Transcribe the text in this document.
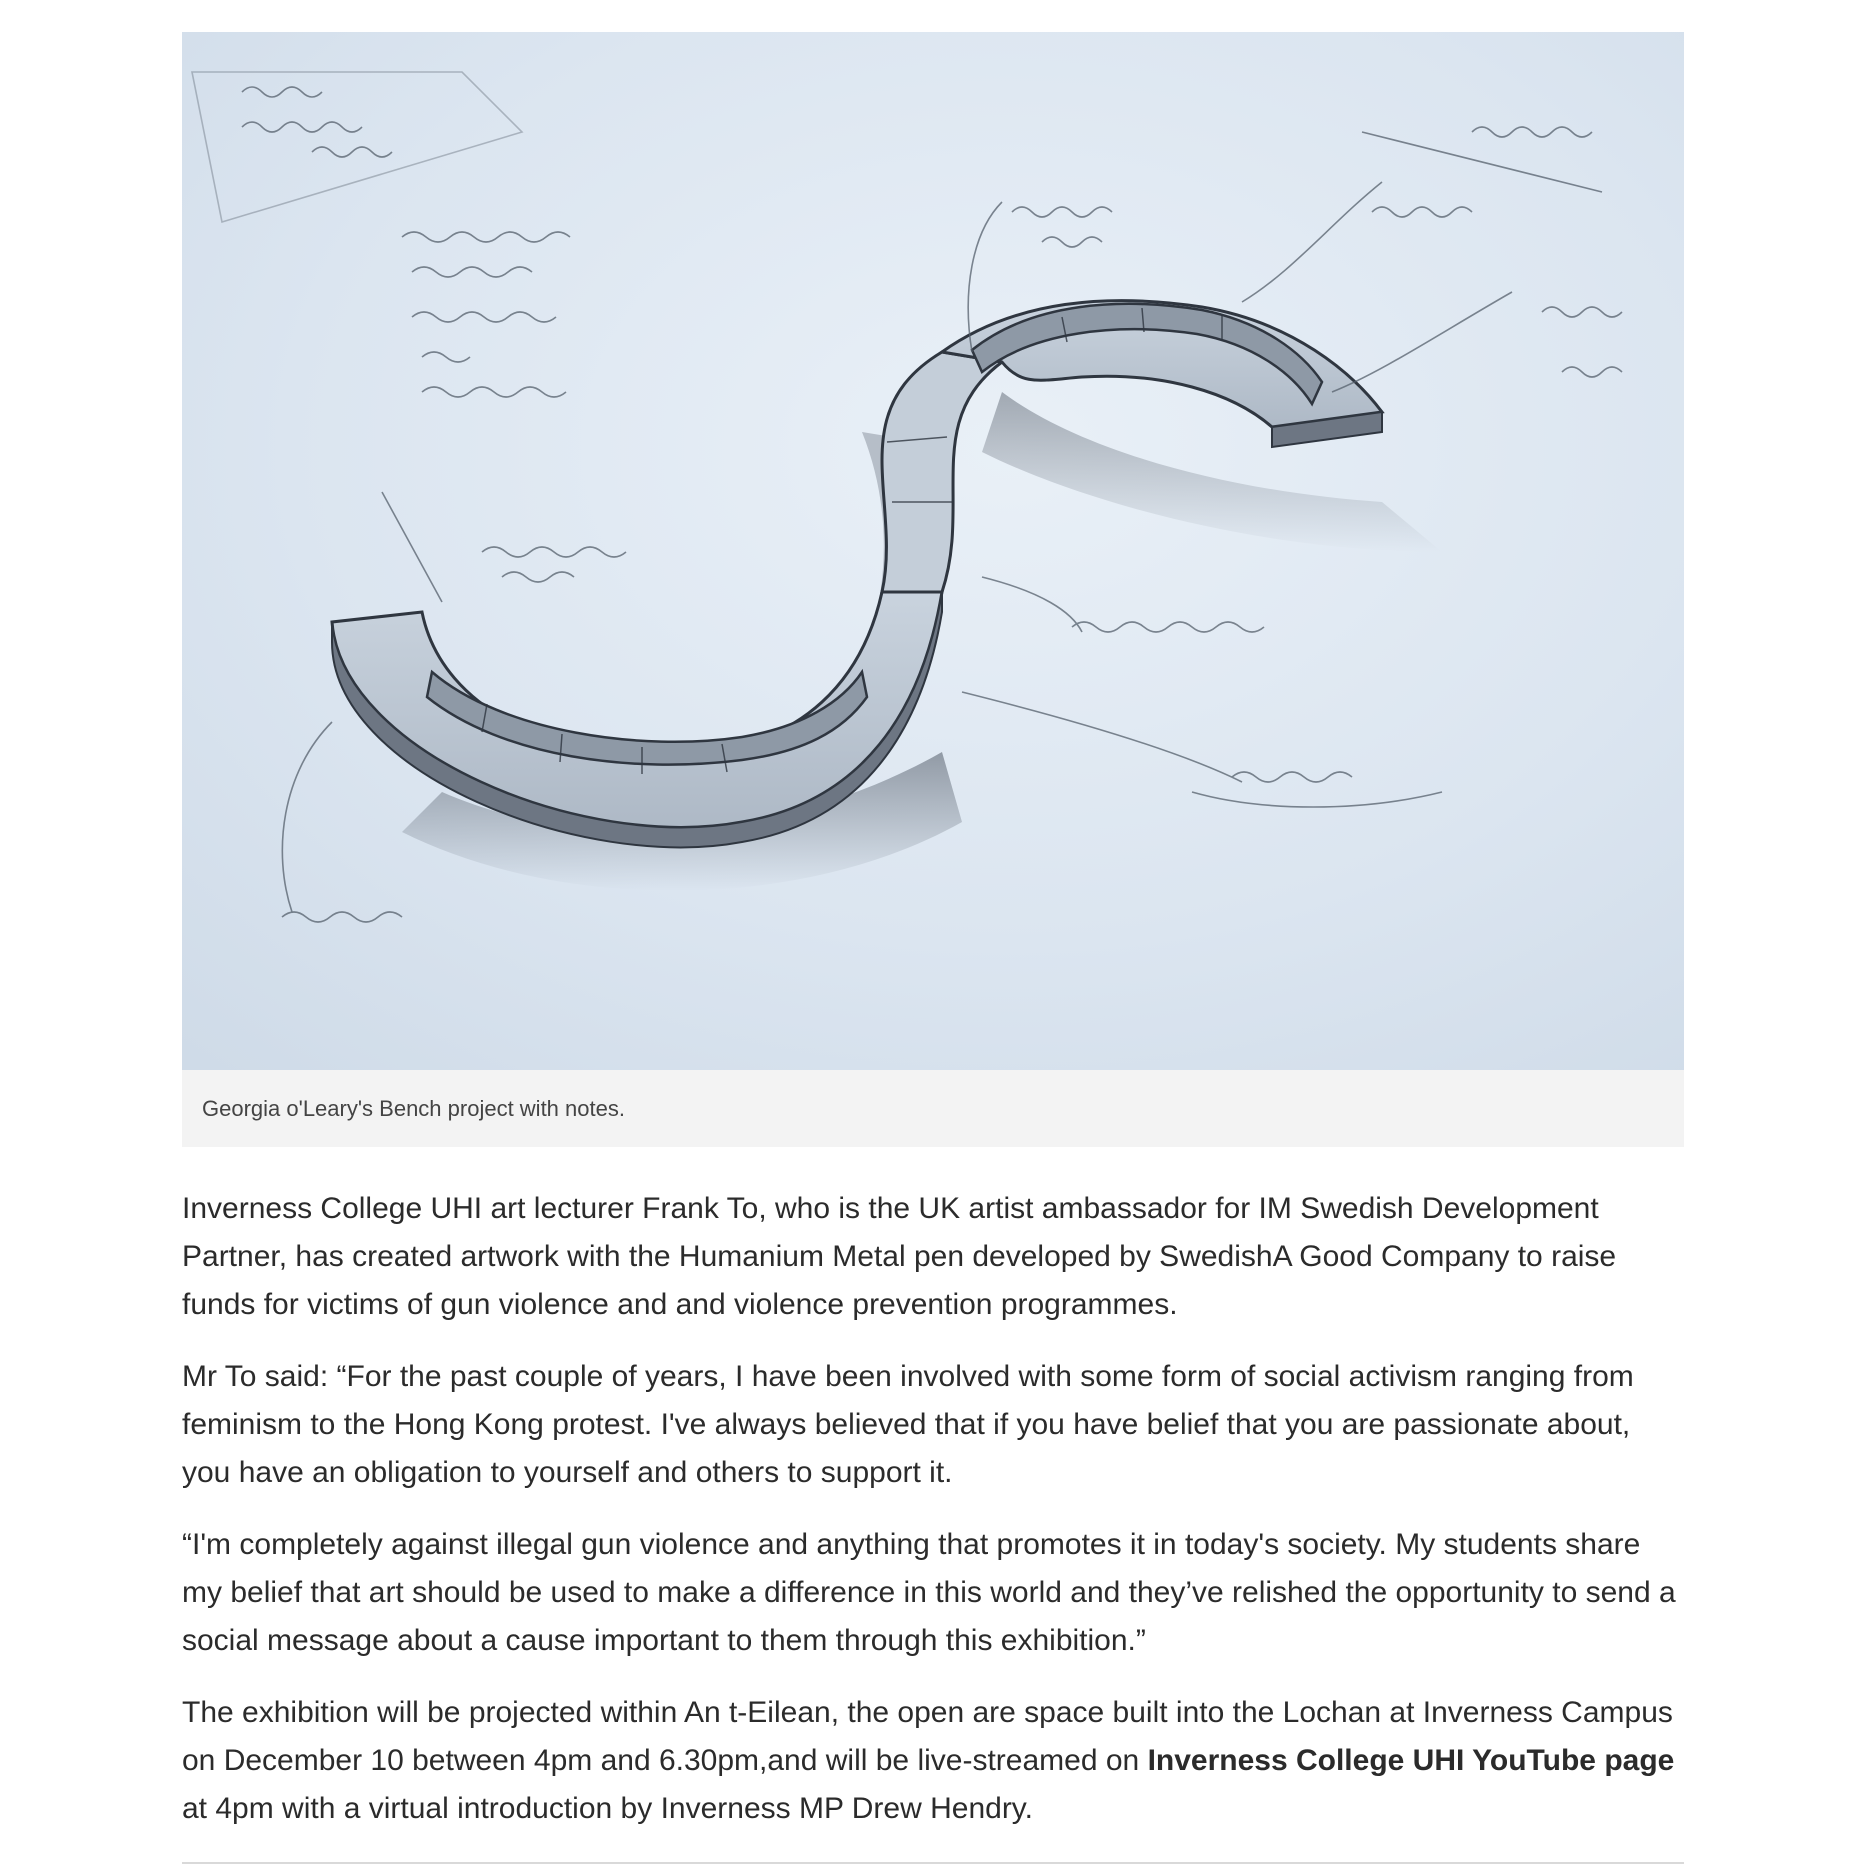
Georgia o'Leary's Bench project with notes.

Inverness College UHI art lecturer Frank To, who is the UK artist ambassador for IM Swedish Development Partner, has created artwork with the Humanium Metal pen developed by SwedishA Good Company to raise funds for victims of gun violence and and violence prevention programmes.

Mr To said: “For the past couple of years, I have been involved with some form of social activism ranging from feminism to the Hong Kong protest. I've always believed that if you have belief that you are passionate about, you have an obligation to yourself and others to support it.

“I'm completely against illegal gun violence and anything that promotes it in today's society. My students share my belief that art should be used to make a difference in this world and they’ve relished the opportunity to send a social message about a cause important to them through this exhibition.”

The exhibition will be projected within An t-Eilean, the open are space built into the Lochan at Inverness Campus on December 10 between 4pm and 6.30pm,and will be live-streamed on Inverness College UHI YouTube page at 4pm with a virtual introduction by Inverness MP Drew Hendry.
